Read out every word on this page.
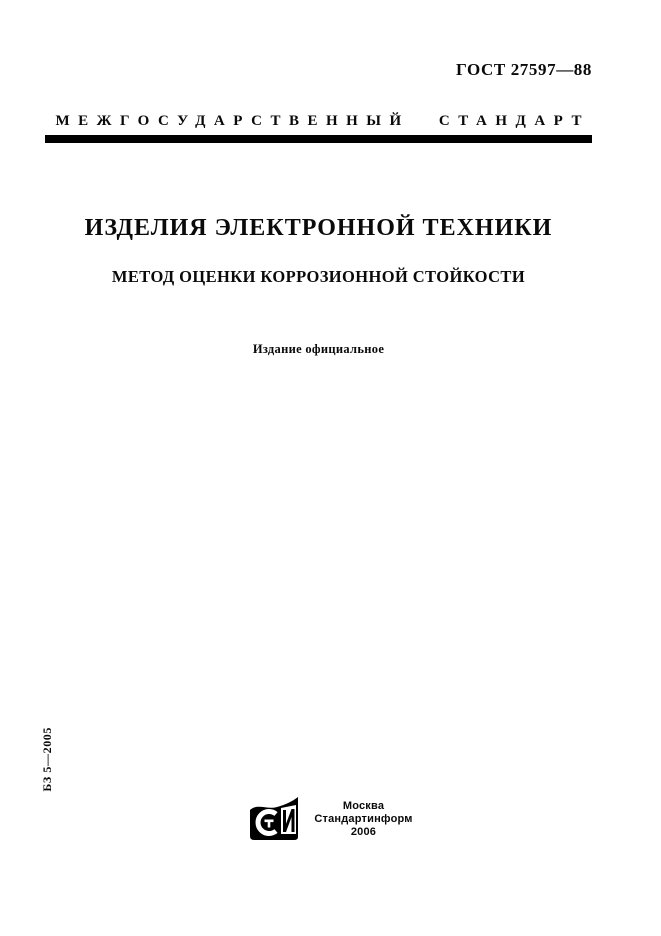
ГОСТ 27597—88
МЕЖГОСУДАРСТВЕННЫЙ СТАНДАРТ
ИЗДЕЛИЯ ЭЛЕКТРОННОЙ ТЕХНИКИ
МЕТОД ОЦЕНКИ КОРРОЗИОННОЙ СТОЙКОСТИ
Издание официальное
БЗ 5—2005
Москва
Стандартинформ
2006
